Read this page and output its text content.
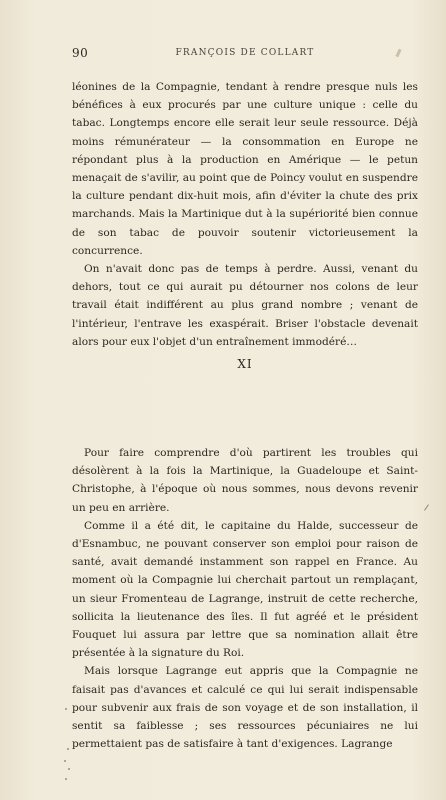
90	FRANÇOIS DE COLLART

léonines de la Compagnie, tendant à rendre presque nuls les bénéfices à eux procurés par une culture unique : celle du tabac. Longtemps encore elle serait leur seule ressource. Déjà moins rémunérateur — la consommation en Europe ne répondant plus à la production en Amérique — le petun menaçait de s'avilir, au point que de Poincy voulut en suspendre la culture pendant dix-huit mois, afin d'éviter la chute des prix marchands. Mais la Martinique dut à la supériorité bien connue de son tabac de pouvoir soutenir victorieusement la concurrence.

On n'avait donc pas de temps à perdre. Aussi, venant du dehors, tout ce qui aurait pu détourner nos colons de leur travail était indifférent au plus grand nombre ; venant de l'intérieur, l'entrave les exaspérait. Briser l'obstacle devenait alors pour eux l'objet d'un entraînement immodéré…

XI

Pour faire comprendre d'où partirent les troubles qui désolèrent à la fois la Martinique, la Guadeloupe et Saint-Christophe, à l'époque où nous sommes, nous devons revenir un peu en arrière.

Comme il a été dit, le capitaine du Halde, successeur de d'Esnambuc, ne pouvant conserver son emploi pour raison de santé, avait demandé instamment son rappel en France. Au moment où la Compagnie lui cherchait partout un remplaçant, un sieur Fromenteau de Lagrange, instruit de cette recherche, sollicita la lieutenance des îles. Il fut agréé et le président Fouquet lui assura par lettre que sa nomination allait être présentée à la signature du Roi.

Mais lorsque Lagrange eut appris que la Compagnie ne faisait pas d'avances et calculé ce qui lui serait indispensable pour subvenir aux frais de son voyage et de son installation, il sentit sa faiblesse ; ses ressources pécuniaires ne lui permettaient pas de satisfaire à tant d'exigences. Lagrange
